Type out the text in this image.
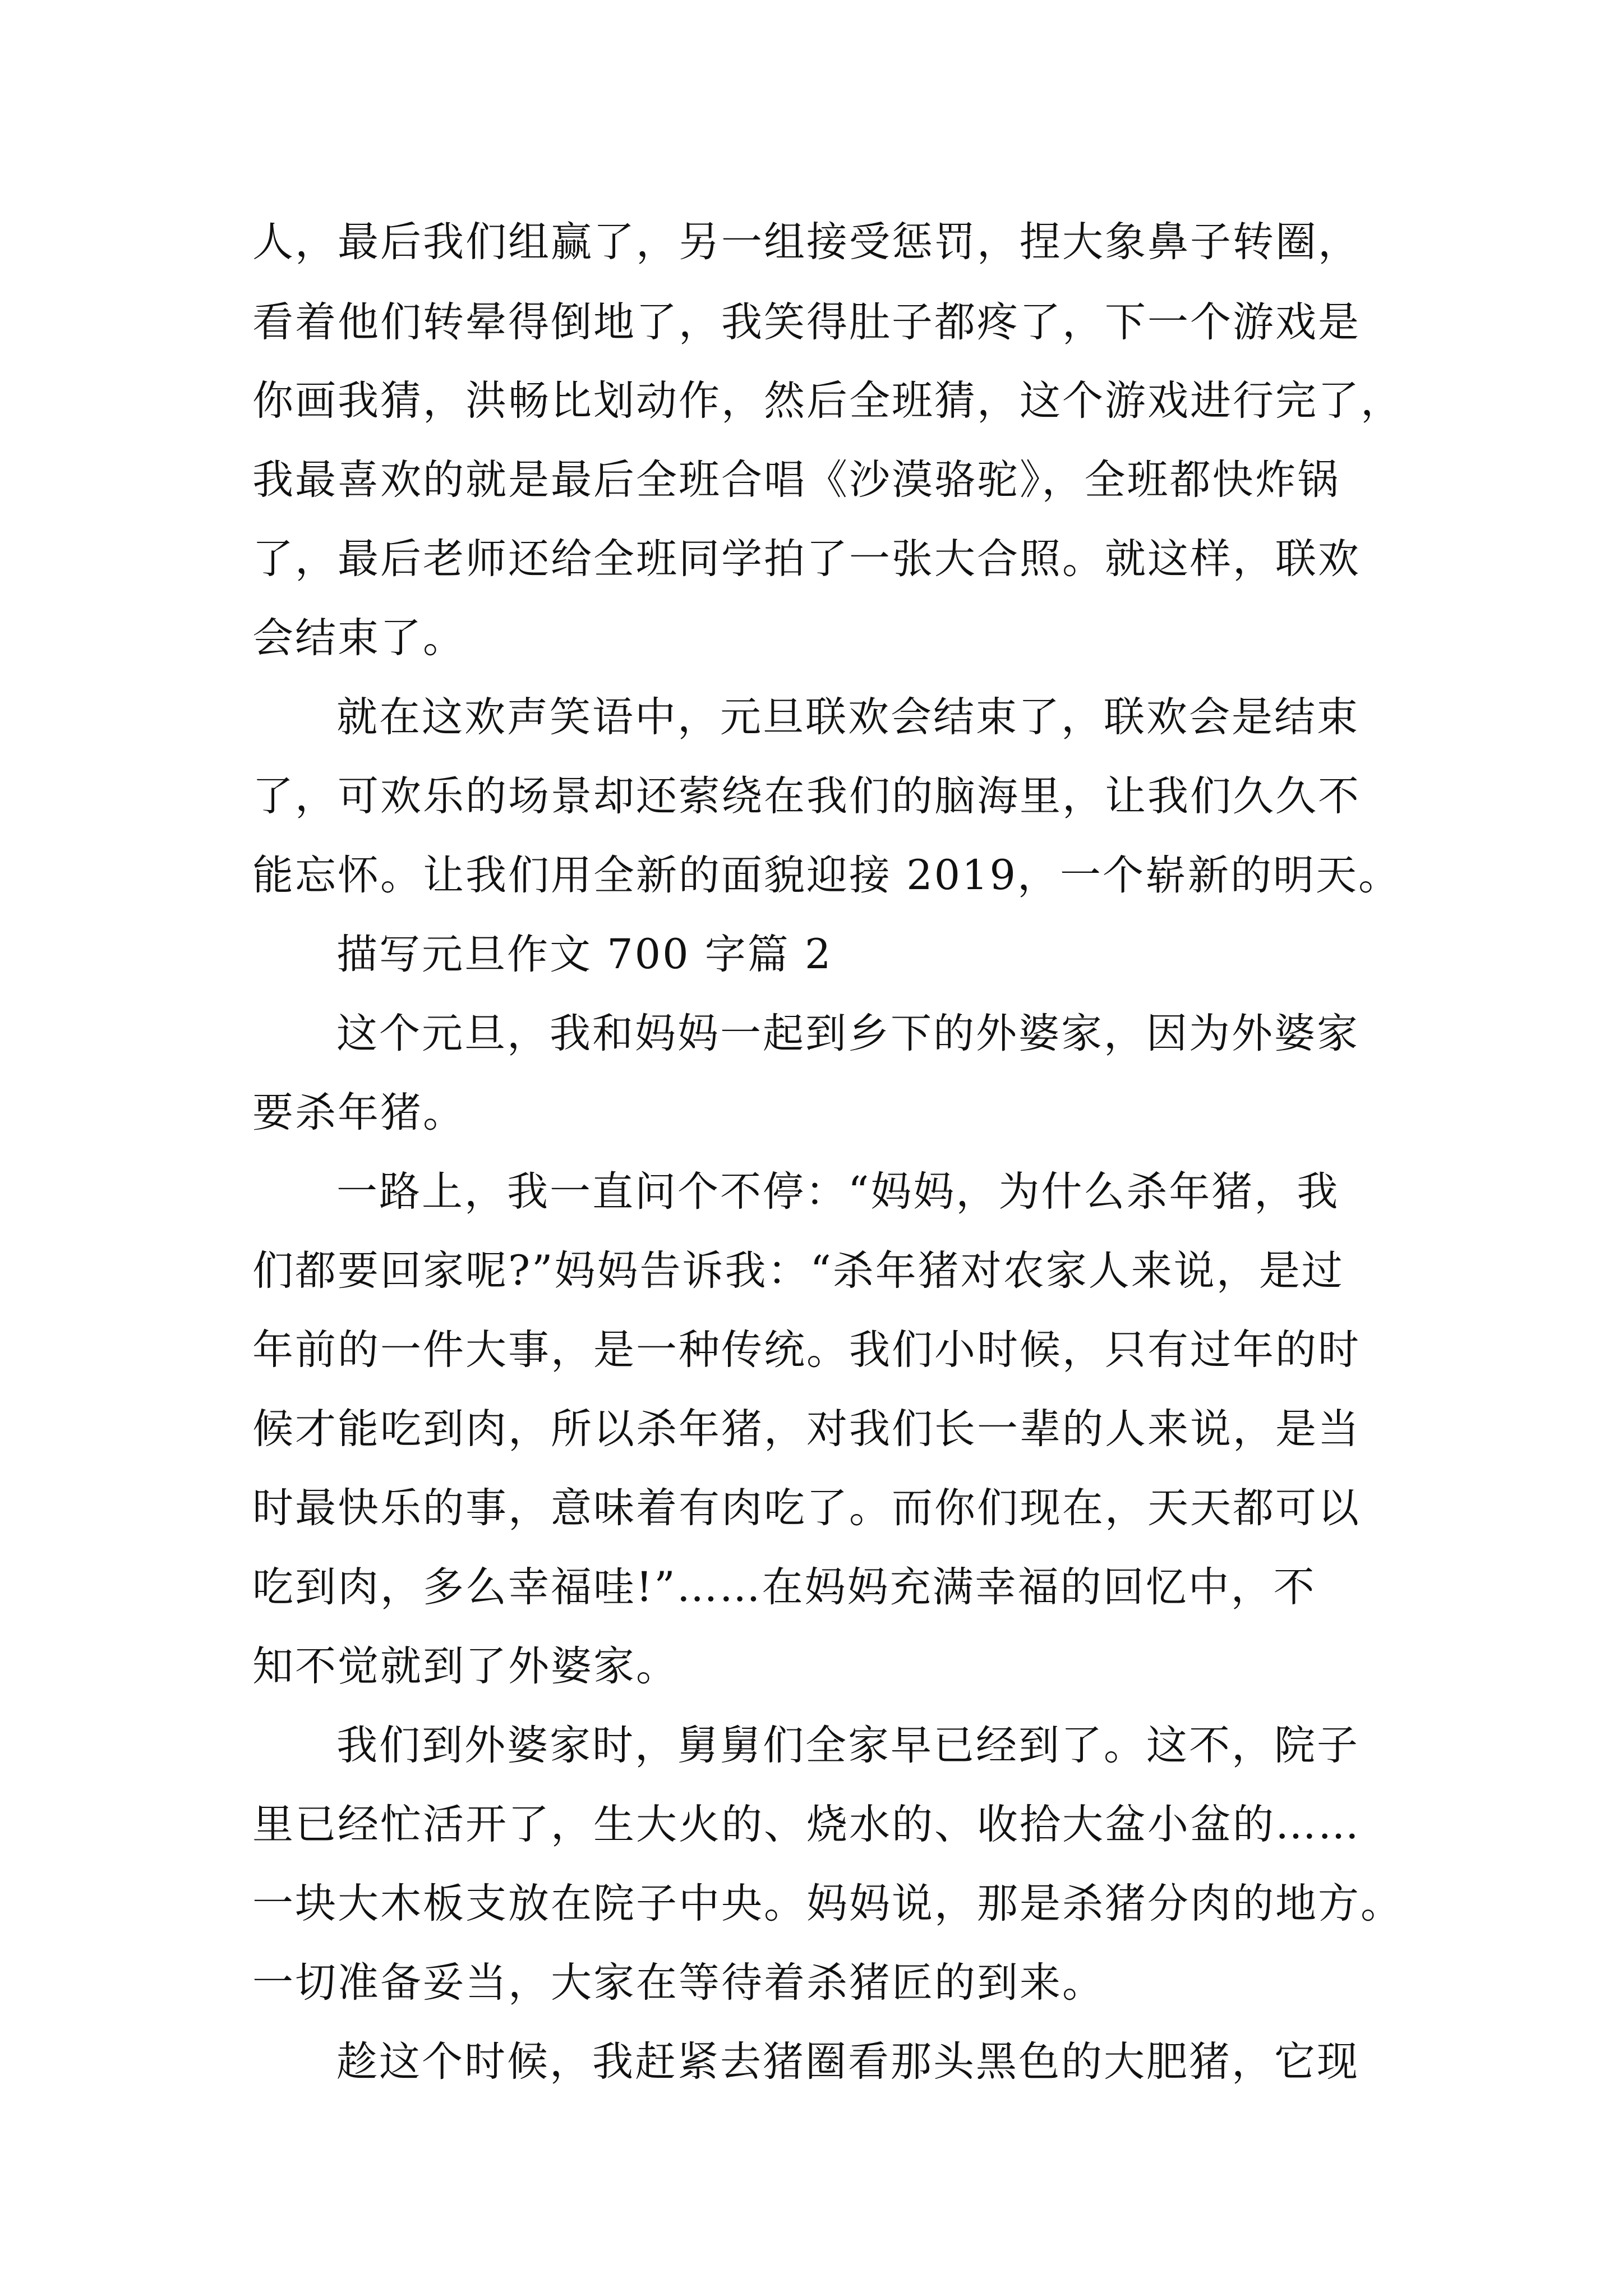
人，最后我们组赢了，另一组接受惩罚，捏大象鼻子转圈，
看着他们转晕得倒地了，我笑得肚子都疼了，下一个游戏是
你画我猜，洪畅比划动作，然后全班猜，这个游戏进行完了，
我最喜欢的就是最后全班合唱《沙漠骆驼》，全班都快炸锅
了，最后老师还给全班同学拍了一张大合照。就这样，联欢
会结束了。
就在这欢声笑语中，元旦联欢会结束了，联欢会是结束
了，可欢乐的场景却还萦绕在我们的脑海里，让我们久久不
能忘怀。让我们用全新的面貌迎接 2019，一个崭新的明天。
描写元旦作文 700 字篇 2
这个元旦，我和妈妈一起到乡下的外婆家，因为外婆家
要杀年猪。
一路上，我一直问个不停：“妈妈，为什么杀年猪，我
们都要回家呢?”妈妈告诉我：“杀年猪对农家人来说，是过
年前的一件大事，是一种传统。我们小时候，只有过年的时
候才能吃到肉，所以杀年猪，对我们长一辈的人来说，是当
时最快乐的事，意味着有肉吃了。而你们现在，天天都可以
吃到肉，多么幸福哇!”……在妈妈充满幸福的回忆中，不
知不觉就到了外婆家。
我们到外婆家时，舅舅们全家早已经到了。这不，院子
里已经忙活开了，生大火的、烧水的、收拾大盆小盆的……
一块大木板支放在院子中央。妈妈说，那是杀猪分肉的地方。
一切准备妥当，大家在等待着杀猪匠的到来。
趁这个时候，我赶紧去猪圈看那头黑色的大肥猪，它现
